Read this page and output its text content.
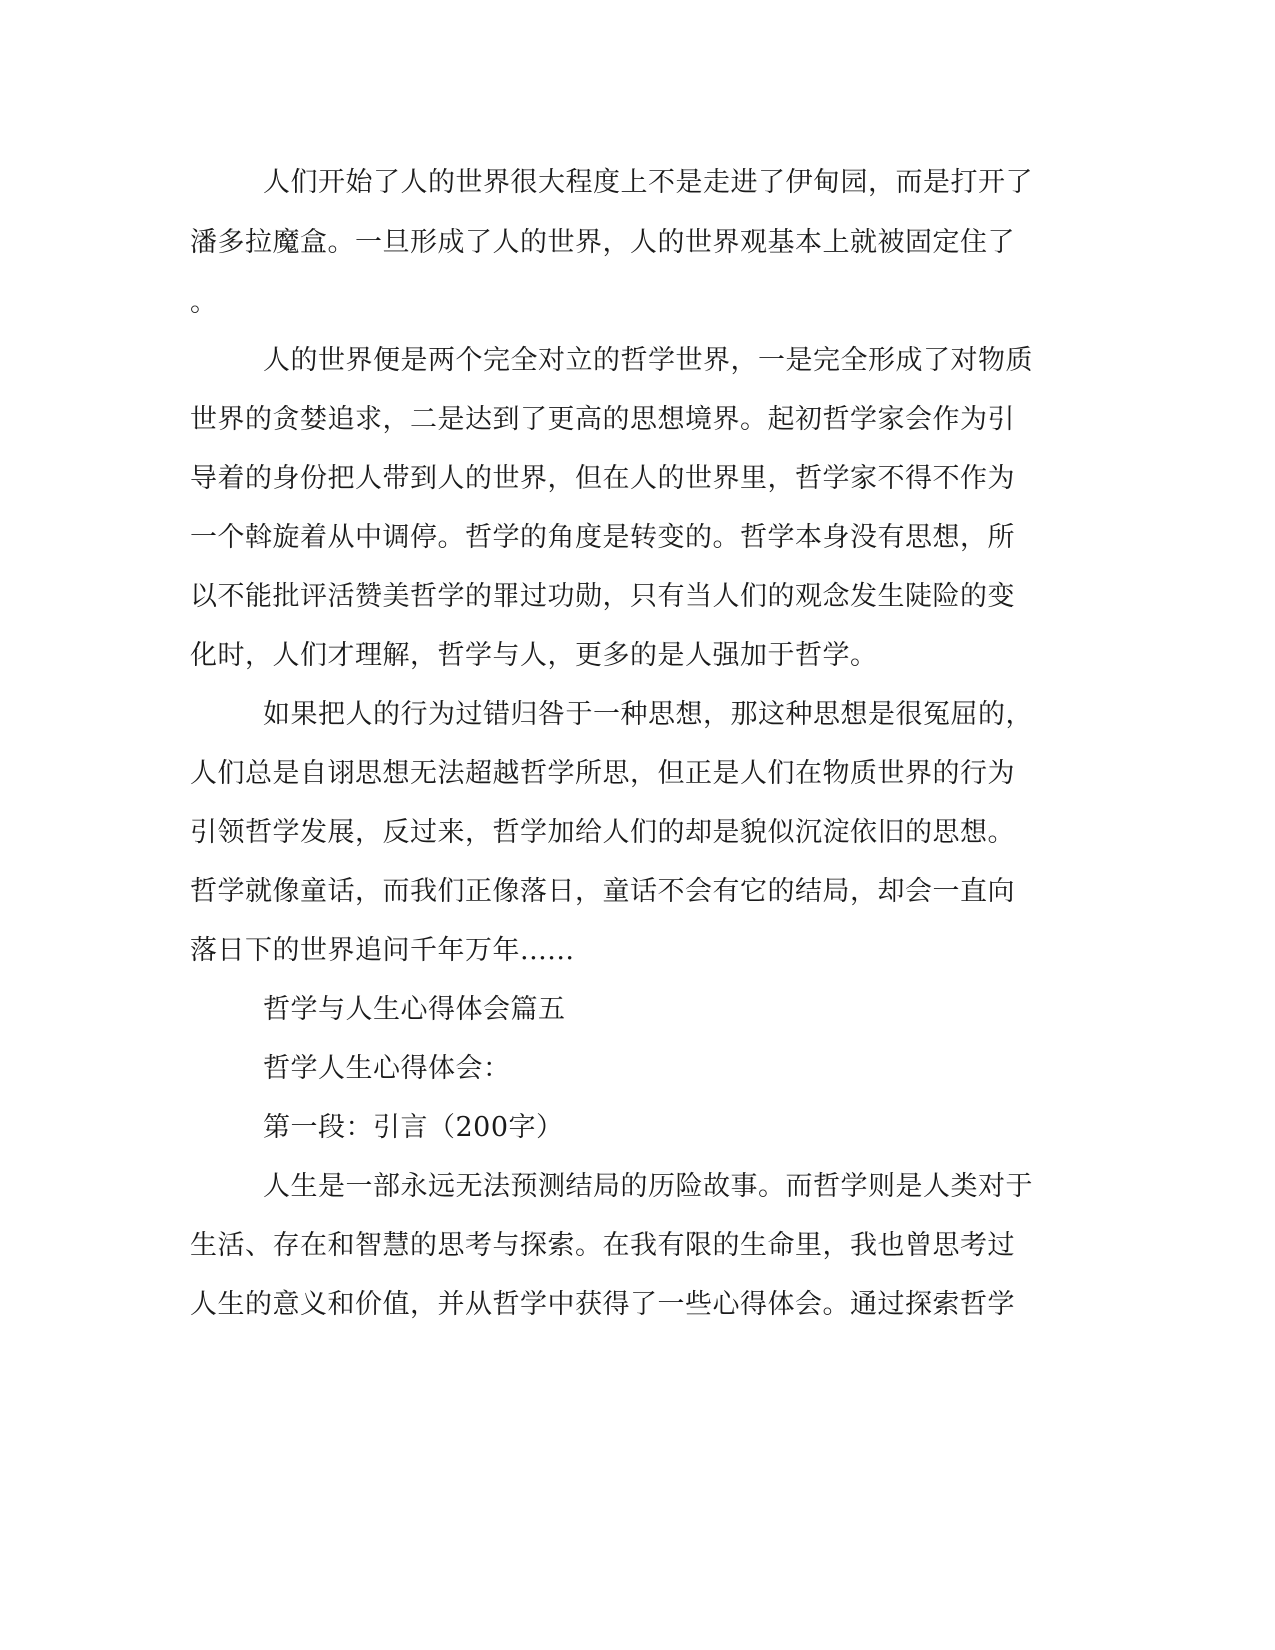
人们开始了人的世界很大程度上不是走进了伊甸园，而是打开了
潘多拉魔盒。一旦形成了人的世界，人的世界观基本上就被固定住了
。
人的世界便是两个完全对立的哲学世界，一是完全形成了对物质
世界的贪婪追求，二是达到了更高的思想境界。起初哲学家会作为引
导着的身份把人带到人的世界，但在人的世界里，哲学家不得不作为
一个斡旋着从中调停。哲学的角度是转变的。哲学本身没有思想，所
以不能批评活赞美哲学的罪过功勋，只有当人们的观念发生陡险的变
化时，人们才理解，哲学与人，更多的是人强加于哲学。
如果把人的行为过错归咎于一种思想，那这种思想是很冤屈的，
人们总是自诩思想无法超越哲学所思，但正是人们在物质世界的行为
引领哲学发展，反过来，哲学加给人们的却是貌似沉淀依旧的思想。
哲学就像童话，而我们正像落日，童话不会有它的结局，却会一直向
落日下的世界追问千年万年......
哲学与人生心得体会篇五
哲学人生心得体会：
第一段：引言（200字）
人生是一部永远无法预测结局的历险故事。而哲学则是人类对于
生活、存在和智慧的思考与探索。在我有限的生命里，我也曾思考过
人生的意义和价值，并从哲学中获得了一些心得体会。通过探索哲学
